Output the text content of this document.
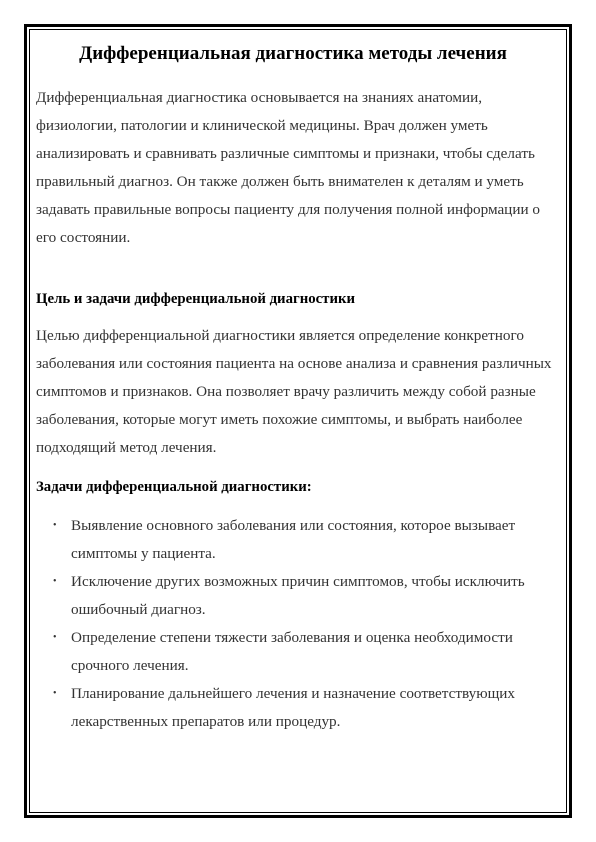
Дифференциальная диагностика методы лечения

Дифференциальная диагностика основывается на знаниях анатомии, физиологии, патологии и клинической медицины. Врач должен уметь анализировать и сравнивать различные симптомы и признаки, чтобы сделать правильный диагноз. Он также должен быть внимателен к деталям и уметь задавать правильные вопросы пациенту для получения полной информации о его состоянии.

Цель и задачи дифференциальной диагностики

Целью дифференциальной диагностики является определение конкретного заболевания или состояния пациента на основе анализа и сравнения различных симптомов и признаков. Она позволяет врачу различить между собой разные заболевания, которые могут иметь похожие симптомы, и выбрать наиболее подходящий метод лечения.

Задачи дифференциальной диагностики:
• Выявление основного заболевания или состояния, которое вызывает симптомы у пациента.
• Исключение других возможных причин симптомов, чтобы исключить ошибочный диагноз.
• Определение степени тяжести заболевания и оценка необходимости срочного лечения.
• Планирование дальнейшего лечения и назначение соответствующих лекарственных препаратов или процедур.
